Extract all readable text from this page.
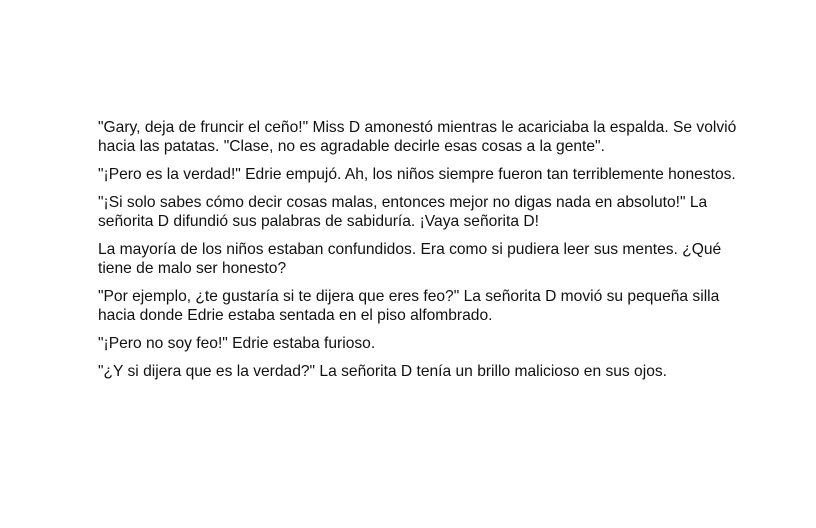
"Gary, deja de fruncir el ceño!" Miss D amonestó mientras le acariciaba la espalda. Se volvió hacia las patatas. "Clase, no es agradable decirle esas cosas a la gente".

"¡Pero es la verdad!" Edrie empujó. Ah, los niños siempre fueron tan terriblemente honestos.

"¡Si solo sabes cómo decir cosas malas, entonces mejor no digas nada en absoluto!" La señorita D difundió sus palabras de sabiduría. ¡Vaya señorita D!

La mayoría de los niños estaban confundidos. Era como si pudiera leer sus mentes. ¿Qué tiene de malo ser honesto?

"Por ejemplo, ¿te gustaría si te dijera que eres feo?" La señorita D movió su pequeña silla hacia donde Edrie estaba sentada en el piso alfombrado.

"¡Pero no soy feo!" Edrie estaba furioso.

"¿Y si dijera que es la verdad?" La señorita D tenía un brillo malicioso en sus ojos.
